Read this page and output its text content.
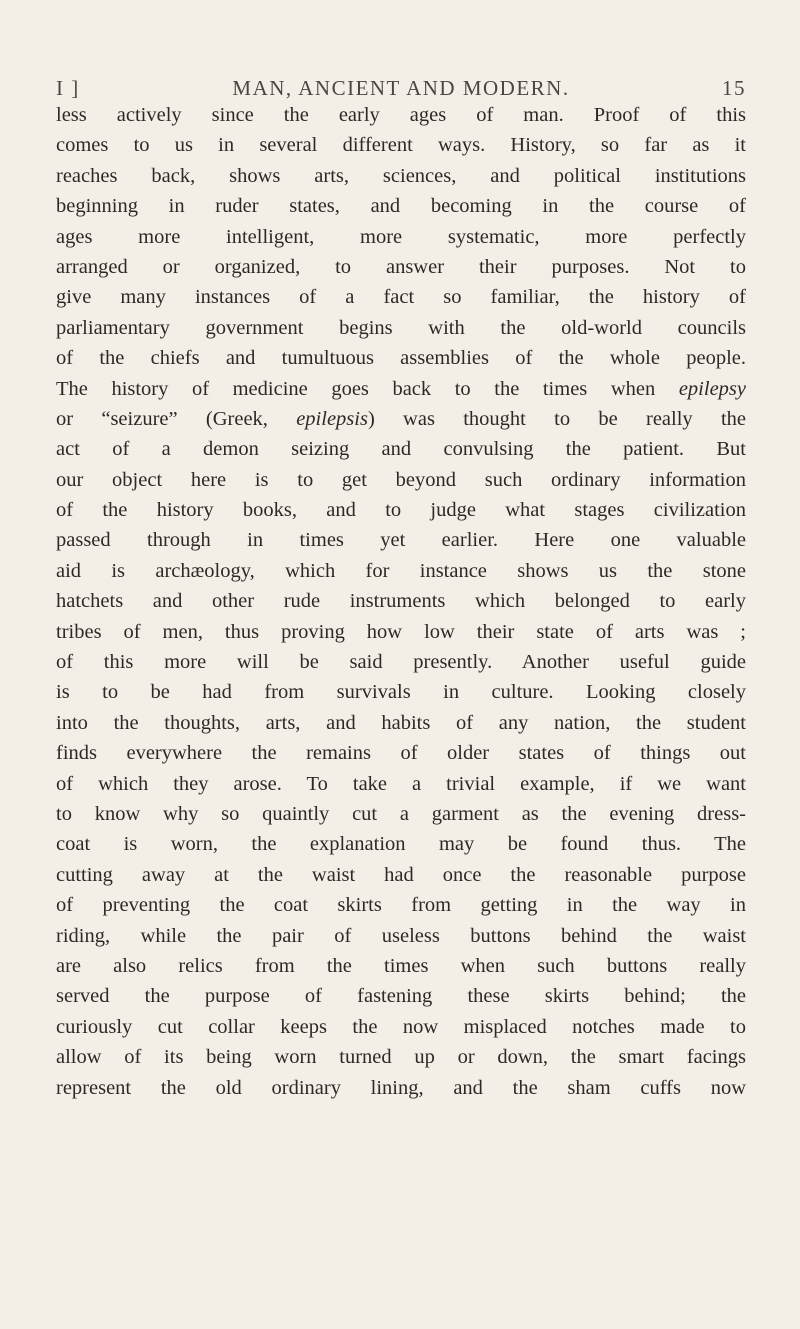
I ]	MAN, ANCIENT AND MODERN.	15
less actively since the early ages of man. Proof of this
comes to us in several different ways. History, so far as it
reaches back, shows arts, sciences, and political institutions
beginning in ruder states, and becoming in the course of
ages more intelligent, more systematic, more perfectly
arranged or organized, to answer their purposes. Not to
give many instances of a fact so familiar, the history of
parliamentary government begins with the old-world councils
of the chiefs and tumultuous assemblies of the whole people.
The history of medicine goes back to the times when epilepsy
or “seizure” (Greek, epilepsis) was thought to be really the
act of a demon seizing and convulsing the patient. But
our object here is to get beyond such ordinary information
of the history books, and to judge what stages civilization
passed through in times yet earlier. Here one valuable
aid is archæology, which for instance shows us the stone
hatchets and other rude instruments which belonged to early
tribes of men, thus proving how low their state of arts was ;
of this more will be said presently. Another useful guide
is to be had from survivals in culture. Looking closely
into the thoughts, arts, and habits of any nation, the student
finds everywhere the remains of older states of things out
of which they arose. To take a trivial example, if we want
to know why so quaintly cut a garment as the evening dress-
coat is worn, the explanation may be found thus. The
cutting away at the waist had once the reasonable purpose
of preventing the coat skirts from getting in the way in
riding, while the pair of useless buttons behind the waist
are also relics from the times when such buttons really
served the purpose of fastening these skirts behind; the
curiously cut collar keeps the now misplaced notches made to
allow of its being worn turned up or down, the smart facings
represent the old ordinary lining, and the sham cuffs now
